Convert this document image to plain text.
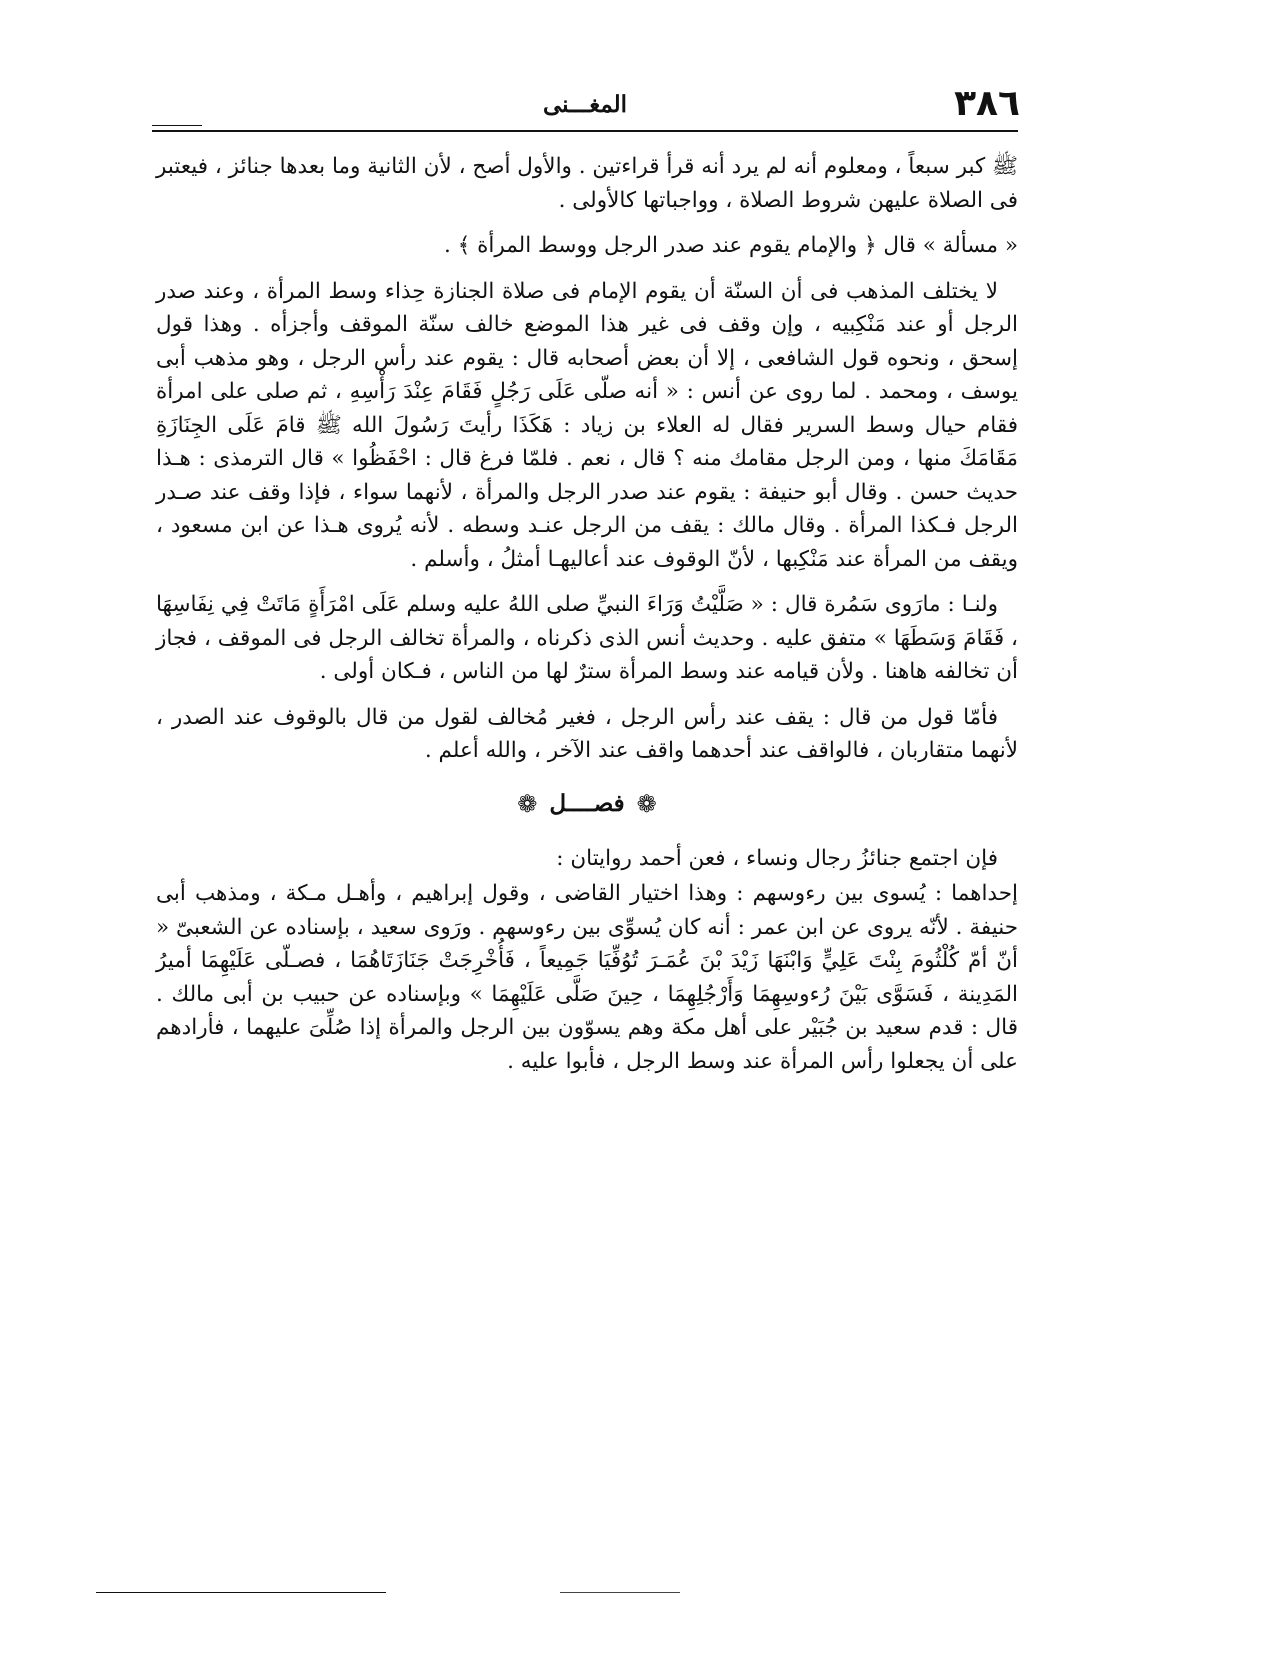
٣٨٦
المغـــنى

ﷺ كبر سبعاً ، ومعلوم أنه لم يرد أنه قرأ قراءتين . والأول أصح ، لأن الثانية وما بعدها جنائز ، فيعتبر فى الصلاة عليهن شروط الصلاة ، وواجباتها كالأولى .

« مسألة » قال ﴿ والإمام يقوم عند صدر الرجل ووسط المرأة ﴾ .

لا يختلف المذهب فى أن السنّة أن يقوم الإمام فى صلاة الجنازة حِذاء وسط المرأة ، وعند صدر الرجل أو عند مَنْكِبيه ، وإن وقف فى غير هذا الموضع خالف سنّة الموقف وأجزأه . وهذا قول إسحق ، ونحوه قول الشافعى ، إلا أن بعض أصحابه قال : يقوم عند رأس الرجل ، وهو مذهب أبى يوسف ، ومحمد . لما روى عن أنس : « أنه صلّى عَلَى رَجُلٍ فَقَامَ عِنْدَ رَأْسِهِ ، ثم صلى على امرأة فقام حيال وسط السرير فقال له العلاء بن زياد : هَكَذَا رأيتَ رَسُولَ الله ﷺ قامَ عَلَى الجِنَازَةِ مَقَامَكَ منها ، ومن الرجل مقامك منه ؟ قال ، نعم . فلمّا فرغ قال : احْفَظُوا » قال الترمذى : هـذا حديث حسن . وقال أبو حنيفة : يقوم عند صدر الرجل والمرأة ، لأنهما سواء ، فإذا وقف عند صـدر الرجل فـكذا المرأة . وقال مالك : يقف من الرجل عنـد وسطه . لأنه يُروى هـذا عن ابن مسعود ، ويقف من المرأة عند مَنْكِبها ، لأنّ الوقوف عند أعاليهـا أمثلُ ، وأسلم .

ولنـا : مارَوى سَمُرة قال : « صَلَّيْتُ وَرَاءَ النبيِّ صلى اللهُ عليه وسلم عَلَى امْرَأَةٍ مَاتَتْ فِي نِفَاسِهَا ، فَقَامَ وَسَطَهَا » متفق عليه . وحديث أنس الذى ذكرناه ، والمرأة تخالف الرجل فى الموقف ، فجاز أن تخالفه هاهنا . ولأن قيامه عند وسط المرأة سترٌ لها من الناس ، فـكان أولى .

فأمّا قول من قال : يقف عند رأس الرجل ، فغير مُخالف لقول من قال بالوقوف عند الصدر ، لأنهما متقاربان ، فالواقف عند أحدهما واقف عند الآخر ، والله أعلم .

❁
فصــــل
❁

فإن اجتمع جنائزُ رجال ونساء ، فعن أحمد روايتان :

إحداهما : يُسوى بين رءوسهم : وهذا اختيار القاضى ، وقول إبراهيم ، وأهـل مـكة ، ومذهب أبى حنيفة . لأنّه يروى عن ابن عمر : أنه كان يُسوِّى بين رءوسهم . ورَوى سعيد ، بإسناده عن الشعبىّ « أنّ أمّ كُلْثُومَ بِنْتَ عَلِيٍّ وَابْنَهَا زَيْدَ بْنَ عُمَـرَ تُوُفِّيَا جَمِيعاً ، فَأُخْرِجَتْ جَنَازَتَاهُمَا ، فصـلّى عَلَيْهِمَا أميرُ المَدِينة ، فَسَوَّى بَيْنَ رُءوسِهِمَا وَأَرْجُلِهِمَا ، حِينَ صَلَّى عَلَيْهِمَا » وبإسناده عن حبيب بن أبى مالك . قال : قدم سعيد بن جُبَيْر على أهل مكة وهم يسوّون بين الرجل والمرأة إذا صُلِّىَ عليهما ، فأرادهم على أن يجعلوا رأس المرأة عند وسط الرجل ، فأبوا عليه .
